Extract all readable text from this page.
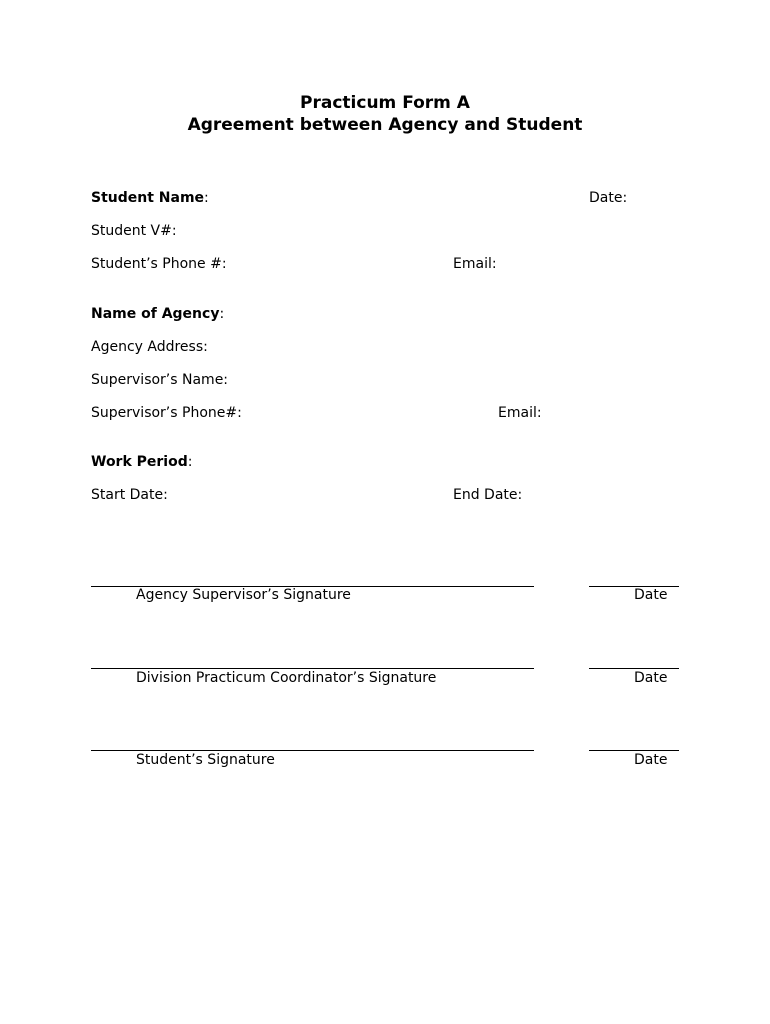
Practicum Form A
Agreement between Agency and Student
Student Name:	Date:
Student V#:
Student’s Phone #:	Email:
Name of Agency:
Agency Address:
Supervisor’s Name:
Supervisor’s Phone#:	Email:
Work Period:
Start Date:	End Date:
Agency Supervisor’s Signature	Date
Division Practicum Coordinator’s Signature	Date
Student’s Signature	Date
